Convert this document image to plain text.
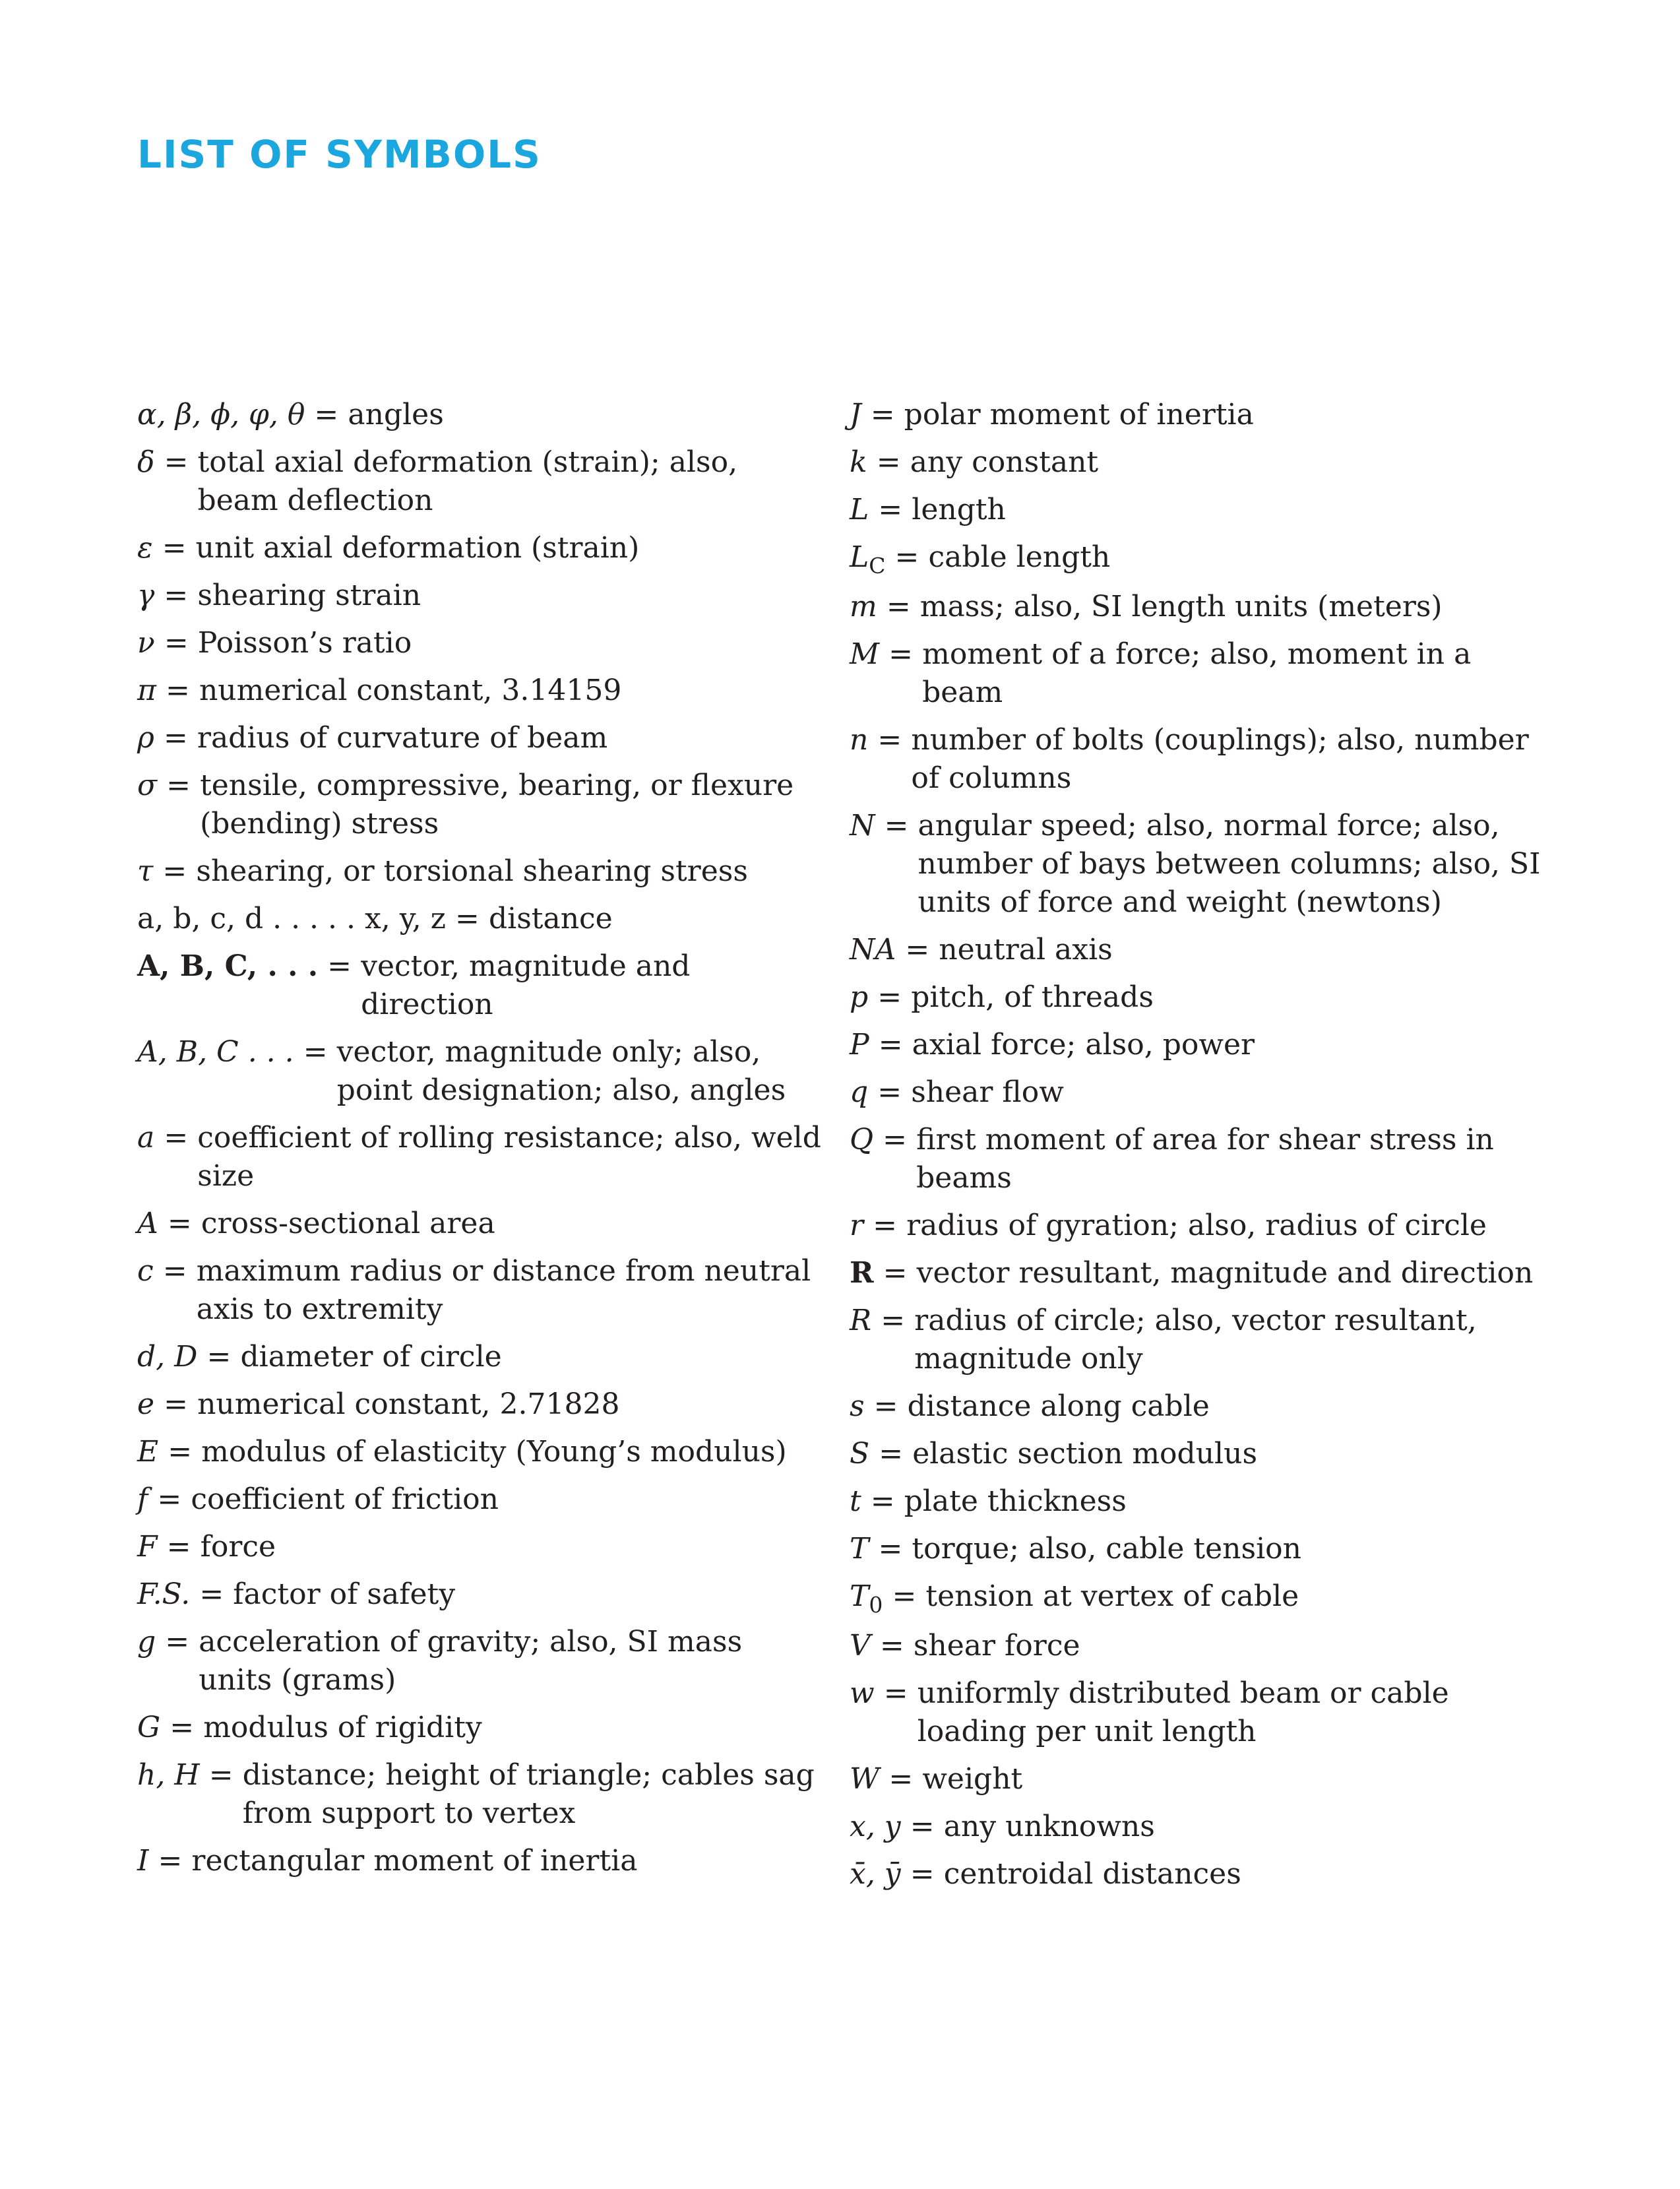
LIST OF SYMBOLS
α, β, ϕ, φ, θ = angles
δ = total axial deformation (strain); also, beam deflection
ε = unit axial deformation (strain)
γ = shearing strain
ν = Poisson’s ratio
π = numerical constant, 3.14159
ρ = radius of curvature of beam
σ = tensile, compressive, bearing, or flexure (bending) stress
τ = shearing, or torsional shearing stress
a, b, c, d . . . . . x, y, z = distance
A, B, C, . . . = vector, magnitude and direction
A, B, C . . . = vector, magnitude only; also, point designation; also, angles
a = coefficient of rolling resistance; also, weld size
A = cross-sectional area
c = maximum radius or distance from neutral axis to extremity
d, D = diameter of circle
e = numerical constant, 2.71828
E = modulus of elasticity (Young’s modulus)
f = coefficient of friction
F = force
F.S. = factor of safety
g = acceleration of gravity; also, SI mass units (grams)
G = modulus of rigidity
h, H = distance; height of triangle; cables sag from support to vertex
I = rectangular moment of inertia
J = polar moment of inertia
k = any constant
L = length
$L_C$ = cable length
m = mass; also, SI length units (meters)
M = moment of a force; also, moment in a beam
n = number of bolts (couplings); also, number of columns
N = angular speed; also, normal force; also, number of bays between columns; also, SI units of force and weight (newtons)
NA = neutral axis
p = pitch, of threads
P = axial force; also, power
q = shear flow
Q = first moment of area for shear stress in beams
r = radius of gyration; also, radius of circle
R = vector resultant, magnitude and direction
R = radius of circle; also, vector resultant, magnitude only
s = distance along cable
S = elastic section modulus
t = plate thickness
T = torque; also, cable tension
$T_0$ = tension at vertex of cable
V = shear force
w = uniformly distributed beam or cable loading per unit length
W = weight
x, y = any unknowns
x̄, ȳ = centroidal distances
